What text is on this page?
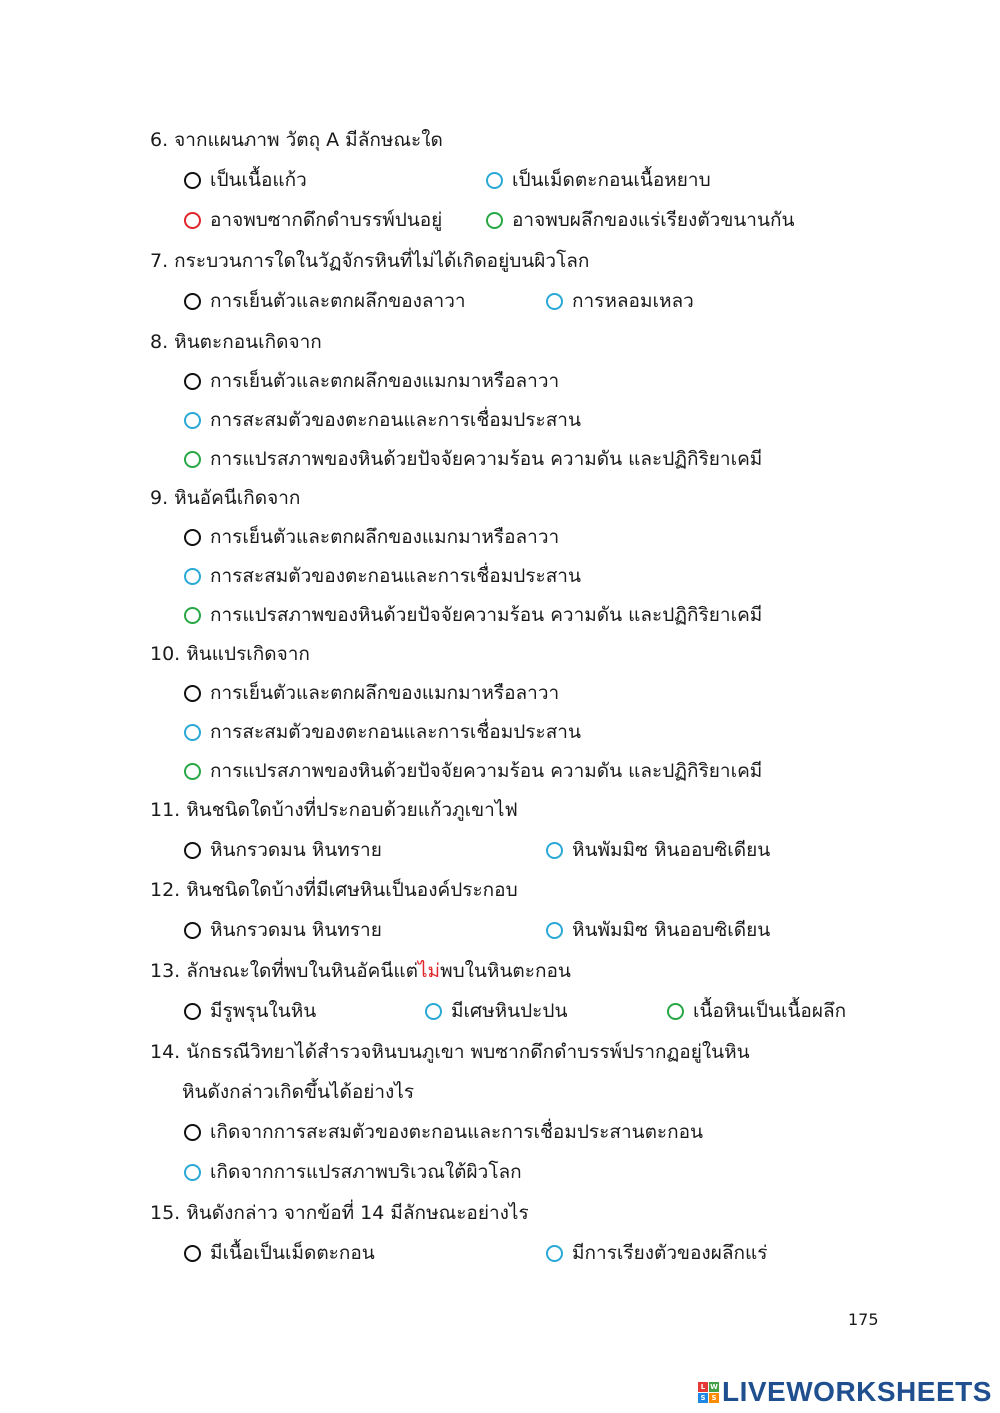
6. จากแผนภาพ วัตถุ A มีลักษณะใด
เป็นเนื้อแก้ว	เป็นเม็ดตะกอนเนื้อหยาบ
อาจพบซากดึกดำบรรพ์ปนอยู่	อาจพบผลึกของแร่เรียงตัวขนานกัน
7. กระบวนการใดในวัฏจักรหินที่ไม่ได้เกิดอยู่บนผิวโลก
การเย็นตัวและตกผลึกของลาวา	การหลอมเหลว
8. หินตะกอนเกิดจาก
การเย็นตัวและตกผลึกของแมกมาหรือลาวา
การสะสมตัวของตะกอนและการเชื่อมประสาน
การแปรสภาพของหินด้วยปัจจัยความร้อน ความดัน และปฏิกิริยาเคมี
9. หินอัคนีเกิดจาก
การเย็นตัวและตกผลึกของแมกมาหรือลาวา
การสะสมตัวของตะกอนและการเชื่อมประสาน
การแปรสภาพของหินด้วยปัจจัยความร้อน ความดัน และปฏิกิริยาเคมี
10. หินแปรเกิดจาก
การเย็นตัวและตกผลึกของแมกมาหรือลาวา
การสะสมตัวของตะกอนและการเชื่อมประสาน
การแปรสภาพของหินด้วยปัจจัยความร้อน ความดัน และปฏิกิริยาเคมี
11. หินชนิดใดบ้างที่ประกอบด้วยแก้วภูเขาไฟ
หินกรวดมน หินทราย	หินพัมมิซ หินออบซิเดียน
12. หินชนิดใดบ้างที่มีเศษหินเป็นองค์ประกอบ
หินกรวดมน หินทราย	หินพัมมิซ หินออบซิเดียน
13. ลักษณะใดที่พบในหินอัคนีแต่ไม่พบในหินตะกอน
มีรูพรุนในหิน	มีเศษหินปะปน	เนื้อหินเป็นเนื้อผลึก
14. นักธรณีวิทยาได้สำรวจหินบนภูเขา พบซากดึกดำบรรพ์ปรากฏอยู่ในหิน
หินดังกล่าวเกิดขึ้นได้อย่างไร
เกิดจากการสะสมตัวของตะกอนและการเชื่อมประสานตะกอน
เกิดจากการแปรสภาพบริเวณใต้ผิวโลก
15. หินดังกล่าว จากข้อที่ 14 มีลักษณะอย่างไร
มีเนื้อเป็นเม็ดตะกอน	มีการเรียงตัวของผลึกแร่
175
L W
S S LIVEWORKSHEETS
